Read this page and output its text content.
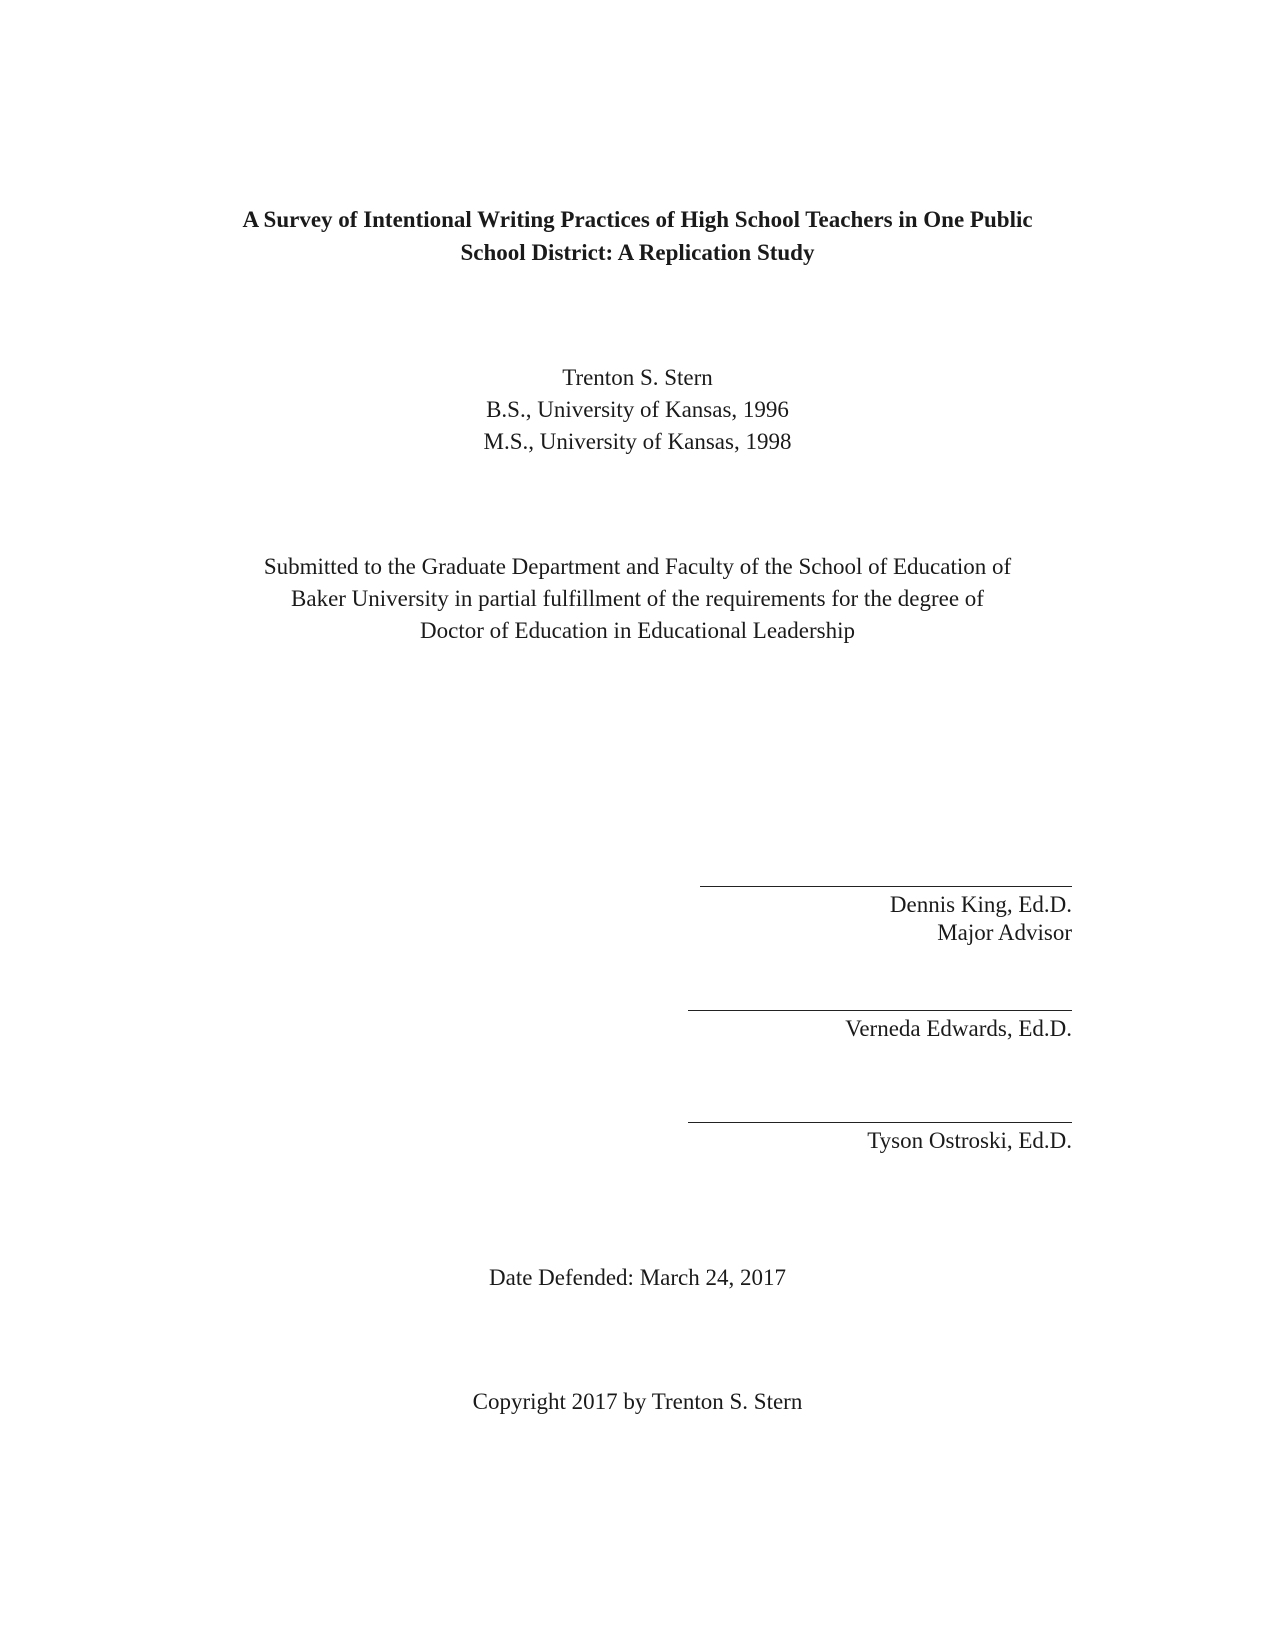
A Survey of Intentional Writing Practices of High School Teachers in One Public
School District: A Replication Study
Trenton S. Stern
B.S., University of Kansas, 1996
M.S., University of Kansas, 1998
Submitted to the Graduate Department and Faculty of the School of Education of
Baker University in partial fulfillment of the requirements for the degree of
Doctor of Education in Educational Leadership
Dennis King, Ed.D.
Major Advisor
Verneda Edwards, Ed.D.
Tyson Ostroski, Ed.D.
Date Defended: March 24, 2017
Copyright 2017 by Trenton S. Stern
